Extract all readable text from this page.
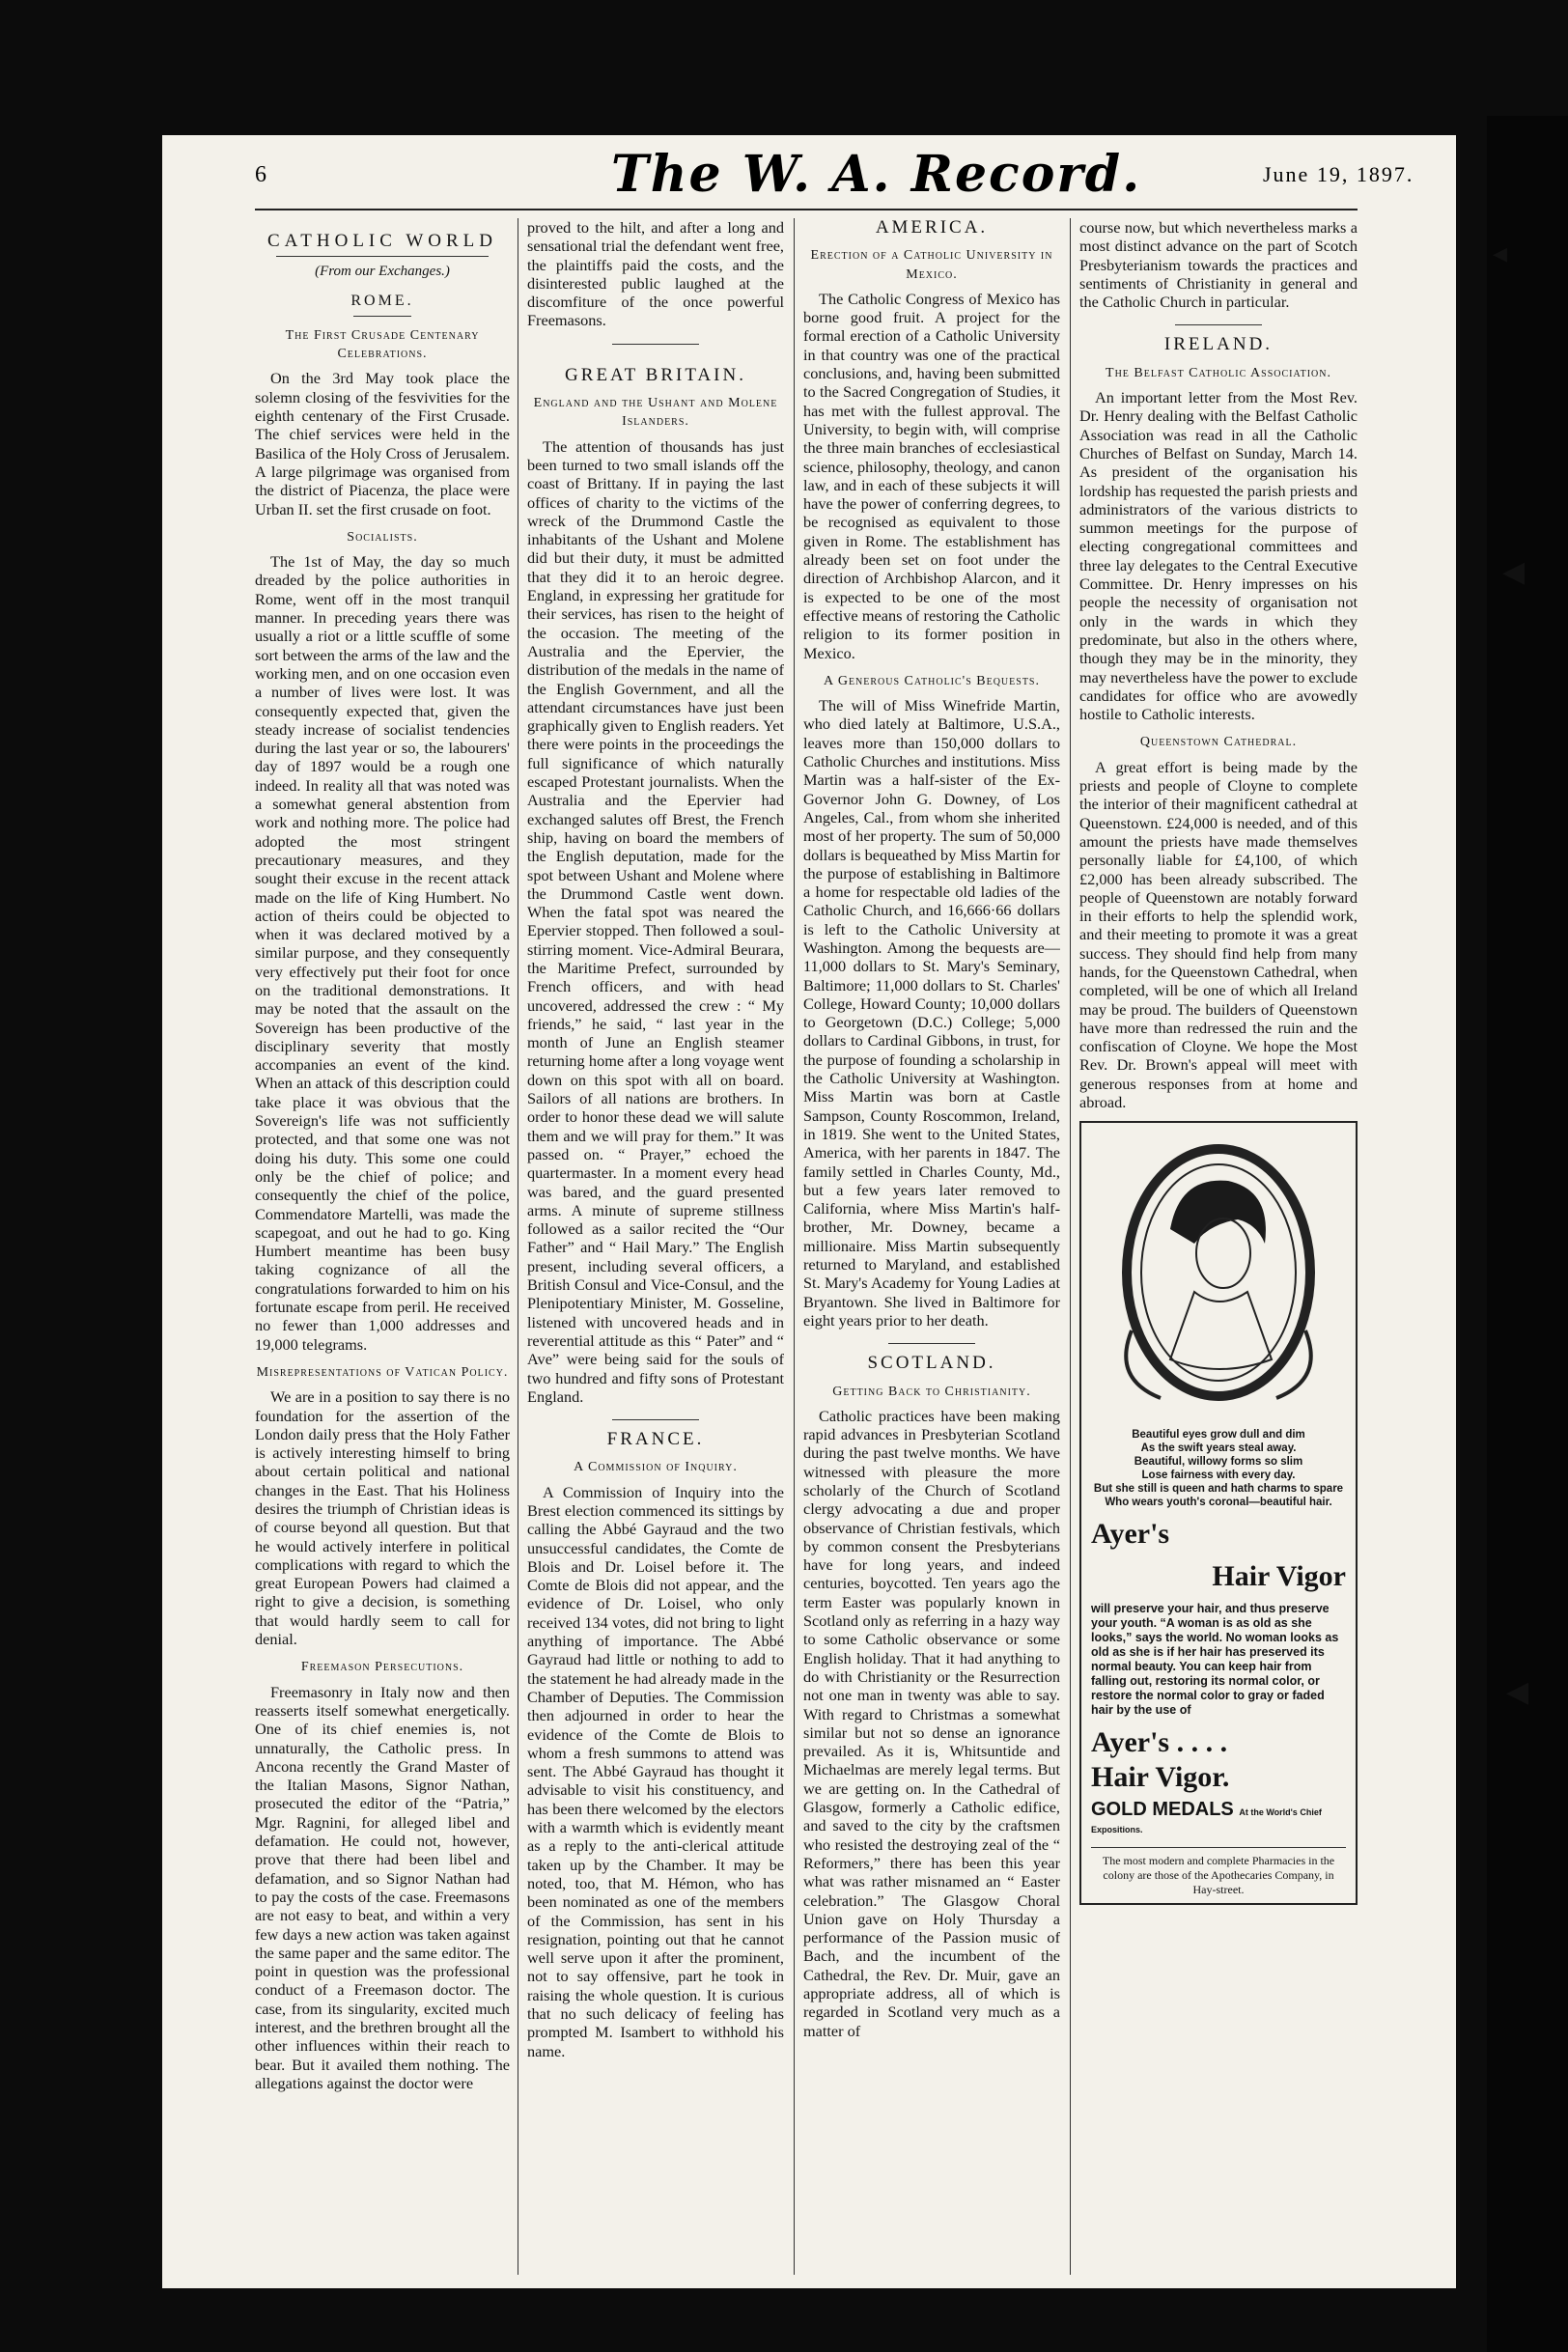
◂
◀
◀
6	The W. A. Record.	June 19, 1897.
CATHOLIC WORLD
(From our Exchanges.)
ROME.
The First Crusade Centenary Celebrations.

On the 3rd May took place the solemn closing of the fesvivities for the eighth centenary of the First Crusade. The chief services were held in the Basilica of the Holy Cross of Jerusalem. A large pilgrimage was organised from the district of Piacenza, the place were Urban II. set the first crusade on foot.

Socialists.

The 1st of May, the day so much dreaded by the police authorities in Rome, went off in the most tranquil manner. In preceding years there was usually a riot or a little scuffle of some sort between the arms of the law and the working men, and on one occasion even a number of lives were lost. It was consequently expected that, given the steady increase of socialist tendencies during the last year or so, the labourers' day of 1897 would be a rough one indeed. In reality all that was noted was a somewhat general abstention from work and nothing more. The police had adopted the most stringent precautionary measures, and they sought their excuse in the recent attack made on the life of King Humbert. No action of theirs could be objected to when it was declared motived by a similar purpose, and they consequently very effectively put their foot for once on the traditional demonstrations. It may be noted that the assault on the Sovereign has been productive of the disciplinary severity that mostly accompanies an event of the kind. When an attack of this description could take place it was obvious that the Sovereign's life was not sufficiently protected, and that some one was not doing his duty. This some one could only be the chief of police; and consequently the chief of the police, Commendatore Martelli, was made the scapegoat, and out he had to go. King Humbert meantime has been busy taking cognizance of all the congratulations forwarded to him on his fortunate escape from peril. He received no fewer than 1,000 addresses and 19,000 telegrams.

Misrepresentations of Vatican Policy.

We are in a position to say there is no foundation for the assertion of the London daily press that the Holy Father is actively interesting himself to bring about certain political and national changes in the East. That his Holiness desires the triumph of Christian ideas is of course beyond all question. But that he would actively interfere in political complications with regard to which the great European Powers had claimed a right to give a decision, is something that would hardly seem to call for denial.

Freemason Persecutions.

Freemasonry in Italy now and then reasserts itself somewhat energetically. One of its chief enemies is, not unnaturally, the Catholic press. In Ancona recently the Grand Master of the Italian Masons, Signor Nathan, prosecuted the editor of the “Patria,” Mgr. Ragnini, for alleged libel and defamation. He could not, however, prove that there had been libel and defamation, and so Signor Nathan had to pay the costs of the case. Freemasons are not easy to beat, and within a very few days a new action was taken against the same paper and the same editor. The point in question was the professional conduct of a Freemason doctor. The case, from its singularity, excited much interest, and the brethren brought all the other influences within their reach to bear. But it availed them nothing. The allegations against the doctor were

proved to the hilt, and after a long and sensational trial the defendant went free, the plaintiffs paid the costs, and the disinterested public laughed at the discomfiture of the once powerful Freemasons.

GREAT BRITAIN.
England and the Ushant and Molene Islanders.

The attention of thousands has just been turned to two small islands off the coast of Brittany. If in paying the last offices of charity to the victims of the wreck of the Drummond Castle the inhabitants of the Ushant and Molene did but their duty, it must be admitted that they did it to an heroic degree. England, in expressing her gratitude for their services, has risen to the height of the occasion. The meeting of the Australia and the Epervier, the distribution of the medals in the name of the English Government, and all the attendant circumstances have just been graphically given to English readers. Yet there were points in the proceedings the full significance of which naturally escaped Protestant journalists. When the Australia and the Epervier had exchanged salutes off Brest, the French ship, having on board the members of the English deputation, made for the spot between Ushant and Molene where the Drummond Castle went down. When the fatal spot was neared the Epervier stopped. Then followed a soul-stirring moment. Vice-Admiral Beurara, the Maritime Prefect, surrounded by French officers, and with head uncovered, addressed the crew : “ My friends,” he said, “ last year in the month of June an English steamer returning home after a long voyage went down on this spot with all on board. Sailors of all nations are brothers. In order to honor these dead we will salute them and we will pray for them.” It was passed on. “ Prayer,” echoed the quartermaster. In a moment every head was bared, and the guard presented arms. A minute of supreme stillness followed as a sailor recited the “Our Father” and “ Hail Mary.” The English present, including several officers, a British Consul and Vice-Consul, and the Plenipotentiary Minister, M. Gosseline, listened with uncovered heads and in reverential attitude as this “ Pater” and “ Ave” were being said for the souls of two hundred and fifty sons of Protestant England.

FRANCE.
A Commission of Inquiry.

A Commission of Inquiry into the Brest election commenced its sittings by calling the Abbé Gayraud and the two unsuccessful candidates, the Comte de Blois and Dr. Loisel before it. The Comte de Blois did not appear, and the evidence of Dr. Loisel, who only received 134 votes, did not bring to light anything of importance. The Abbé Gayraud had little or nothing to add to the statement he had already made in the Chamber of Deputies. The Commission then adjourned in order to hear the evidence of the Comte de Blois to whom a fresh summons to attend was sent. The Abbé Gayraud has thought it advisable to visit his constituency, and has been there welcomed by the electors with a warmth which is evidently meant as a reply to the anti-clerical attitude taken up by the Chamber. It may be noted, too, that M. Hémon, who has been nominated as one of the members of the Commission, has sent in his resignation, pointing out that he cannot well serve upon it after the prominent, not to say offensive, part he took in raising the whole question. It is curious that no such delicacy of feeling has prompted M. Isambert to withhold his name.

AMERICA.
Erection of a Catholic University in Mexico.

The Catholic Congress of Mexico has borne good fruit. A project for the formal erection of a Catholic University in that country was one of the practical conclusions, and, having been submitted to the Sacred Congregation of Studies, it has met with the fullest approval. The University, to begin with, will comprise the three main branches of ecclesiastical science, philosophy, theology, and canon law, and in each of these subjects it will have the power of conferring degrees, to be recognised as equivalent to those given in Rome. The establishment has already been set on foot under the direction of Archbishop Alarcon, and it is expected to be one of the most effective means of restoring the Catholic religion to its former position in Mexico.

A Generous Catholic's Bequests.

The will of Miss Winefride Martin, who died lately at Baltimore, U.S.A., leaves more than 150,000 dollars to Catholic Churches and institutions. Miss Martin was a half-sister of the Ex-Governor John G. Downey, of Los Angeles, Cal., from whom she inherited most of her property. The sum of 50,000 dollars is bequeathed by Miss Martin for the purpose of establishing in Baltimore a home for respectable old ladies of the Catholic Church, and 16,666·66 dollars is left to the Catholic University at Washington. Among the bequests are—11,000 dollars to St. Mary's Seminary, Baltimore; 11,000 dollars to St. Charles' College, Howard County; 10,000 dollars to Georgetown (D.C.) College; 5,000 dollars to Cardinal Gibbons, in trust, for the purpose of founding a scholarship in the Catholic University at Washington. Miss Martin was born at Castle Sampson, County Roscommon, Ireland, in 1819. She went to the United States, America, with her parents in 1847. The family settled in Charles County, Md., but a few years later removed to California, where Miss Martin's half-brother, Mr. Downey, became a millionaire. Miss Martin subsequently returned to Maryland, and established St. Mary's Academy for Young Ladies at Bryantown. She lived in Baltimore for eight years prior to her death.

SCOTLAND.
Getting Back to Christianity.

Catholic practices have been making rapid advances in Presbyterian Scotland during the past twelve months. We have witnessed with pleasure the more scholarly of the Church of Scotland clergy advocating a due and proper observance of Christian festivals, which by common consent the Presbyterians have for long years, and indeed centuries, boycotted. Ten years ago the term Easter was popularly known in Scotland only as referring in a hazy way to some Catholic observance or some English holiday. That it had anything to do with Christianity or the Resurrection not one man in twenty was able to say. With regard to Christmas a somewhat similar but not so dense an ignorance prevailed. As it is, Whitsuntide and Michaelmas are merely legal terms. But we are getting on. In the Cathedral of Glasgow, formerly a Catholic edifice, and saved to the city by the craftsmen who resisted the destroying zeal of the “ Reformers,” there has been this year what was rather misnamed an “ Easter celebration.” The Glasgow Choral Union gave on Holy Thursday a performance of the Passion music of Bach, and the incumbent of the Cathedral, the Rev. Dr. Muir, gave an appropriate address, all of which is regarded in Scotland very much as a matter of

course now, but which nevertheless marks a most distinct advance on the part of Scotch Presbyterianism towards the practices and sentiments of Christianity in general and the Catholic Church in particular.

IRELAND.
The Belfast Catholic Association.

An important letter from the Most Rev. Dr. Henry dealing with the Belfast Catholic Association was read in all the Catholic Churches of Belfast on Sunday, March 14. As president of the organisation his lordship has requested the parish priests and administrators of the various districts to summon meetings for the purpose of electing congregational committees and three lay delegates to the Central Executive Committee. Dr. Henry impresses on his people the necessity of organisation not only in the wards in which they predominate, but also in the others where, though they may be in the minority, they may nevertheless have the power to exclude candidates for office who are avowedly hostile to Catholic interests.

Queenstown Cathedral.

A great effort is being made by the priests and people of Cloyne to complete the interior of their magnificent cathedral at Queenstown. £24,000 is needed, and of this amount the priests have made themselves personally liable for £4,100, of which £2,000 has been already subscribed. The people of Queenstown are notably forward in their efforts to help the splendid work, and their meeting to promote it was a great success. They should find help from many hands, for the Queenstown Cathedral, when completed, will be one of which all Ireland may be proud. The builders of Queenstown have more than redressed the ruin and the confiscation of Cloyne. We hope the Most Rev. Dr. Brown's appeal will meet with generous responses from at home and abroad.

Beautiful eyes grow dull and dim
As the swift years steal away.
Beautiful, willowy forms so slim
Lose fairness with every day.
But she still is queen and hath charms to spare
Who wears youth's coronal—beautiful hair.
Ayer's
Hair Vigor
will preserve your hair, and thus preserve your youth. “A woman is as old as she looks,” says the world. No woman looks as old as she is if her hair has preserved its normal beauty. You can keep hair from falling out, restoring its normal color, or restore the normal color to gray or faded hair by the use of
Ayer's . . . .
Hair Vigor.
GOLD MEDALS At the World's Chief Expositions.
The most modern and complete Pharmacies in the colony are those of the Apothecaries Company, in Hay-street.
